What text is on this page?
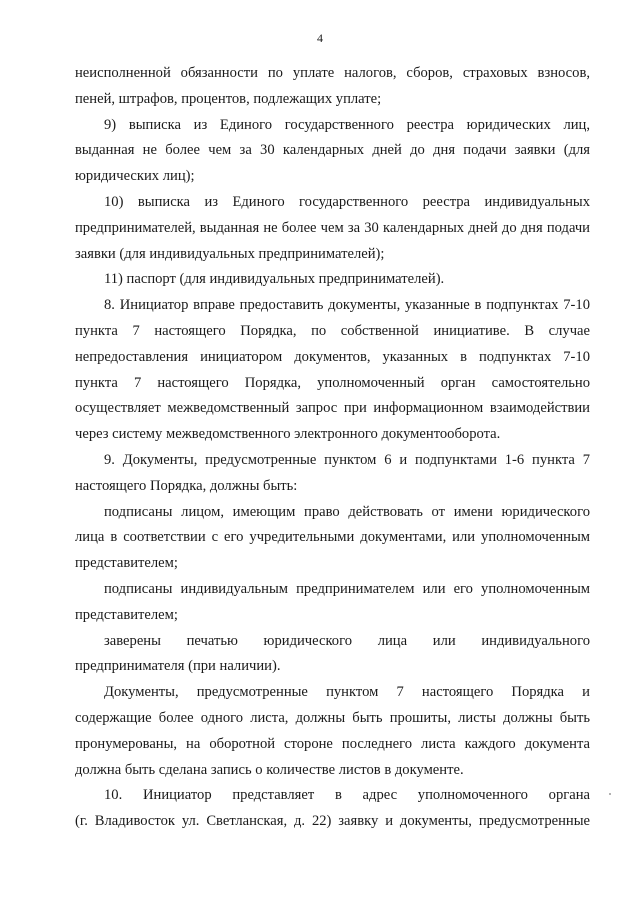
4
неисполненной обязанности по уплате налогов, сборов, страховых взносов,
пеней, штрафов, процентов, подлежащих уплате;
9) выписка из Единого государственного реестра юридических лиц,
выданная не более чем за 30 календарных дней до дня подачи заявки (для
юридических лиц);
10) выписка из Единого государственного реестра индивидуальных
предпринимателей, выданная не более чем за 30 календарных дней до дня подачи
заявки (для индивидуальных предпринимателей);
11) паспорт (для индивидуальных предпринимателей).
8. Инициатор вправе предоставить документы, указанные в подпунктах 7-10
пункта 7 настоящего Порядка, по собственной инициативе. В случае
непредоставления инициатором документов, указанных в подпунктах 7-10
пункта 7 настоящего Порядка, уполномоченный орган самостоятельно
осуществляет межведомственный запрос при информационном взаимодействии
через систему межведомственного электронного документооборота.
9. Документы, предусмотренные пунктом 6 и подпунктами 1-6 пункта 7
настоящего Порядка, должны быть:
подписаны лицом, имеющим право действовать от имени юридического
лица в соответствии с его учредительными документами, или уполномоченным
представителем;
подписаны индивидуальным предпринимателем или его уполномоченным
представителем;
заверены печатью юридического лица или индивидуального
предпринимателя (при наличии).
Документы, предусмотренные пунктом 7 настоящего Порядка и
содержащие более одного листа, должны быть прошиты, листы должны быть
пронумерованы, на оборотной стороне последнего листа каждого документа
должна быть сделана запись о количестве листов в документе.
10. Инициатор представляет в адрес уполномоченного органа
(г. Владивосток ул. Светланская, д. 22) заявку и документы, предусмотренные
